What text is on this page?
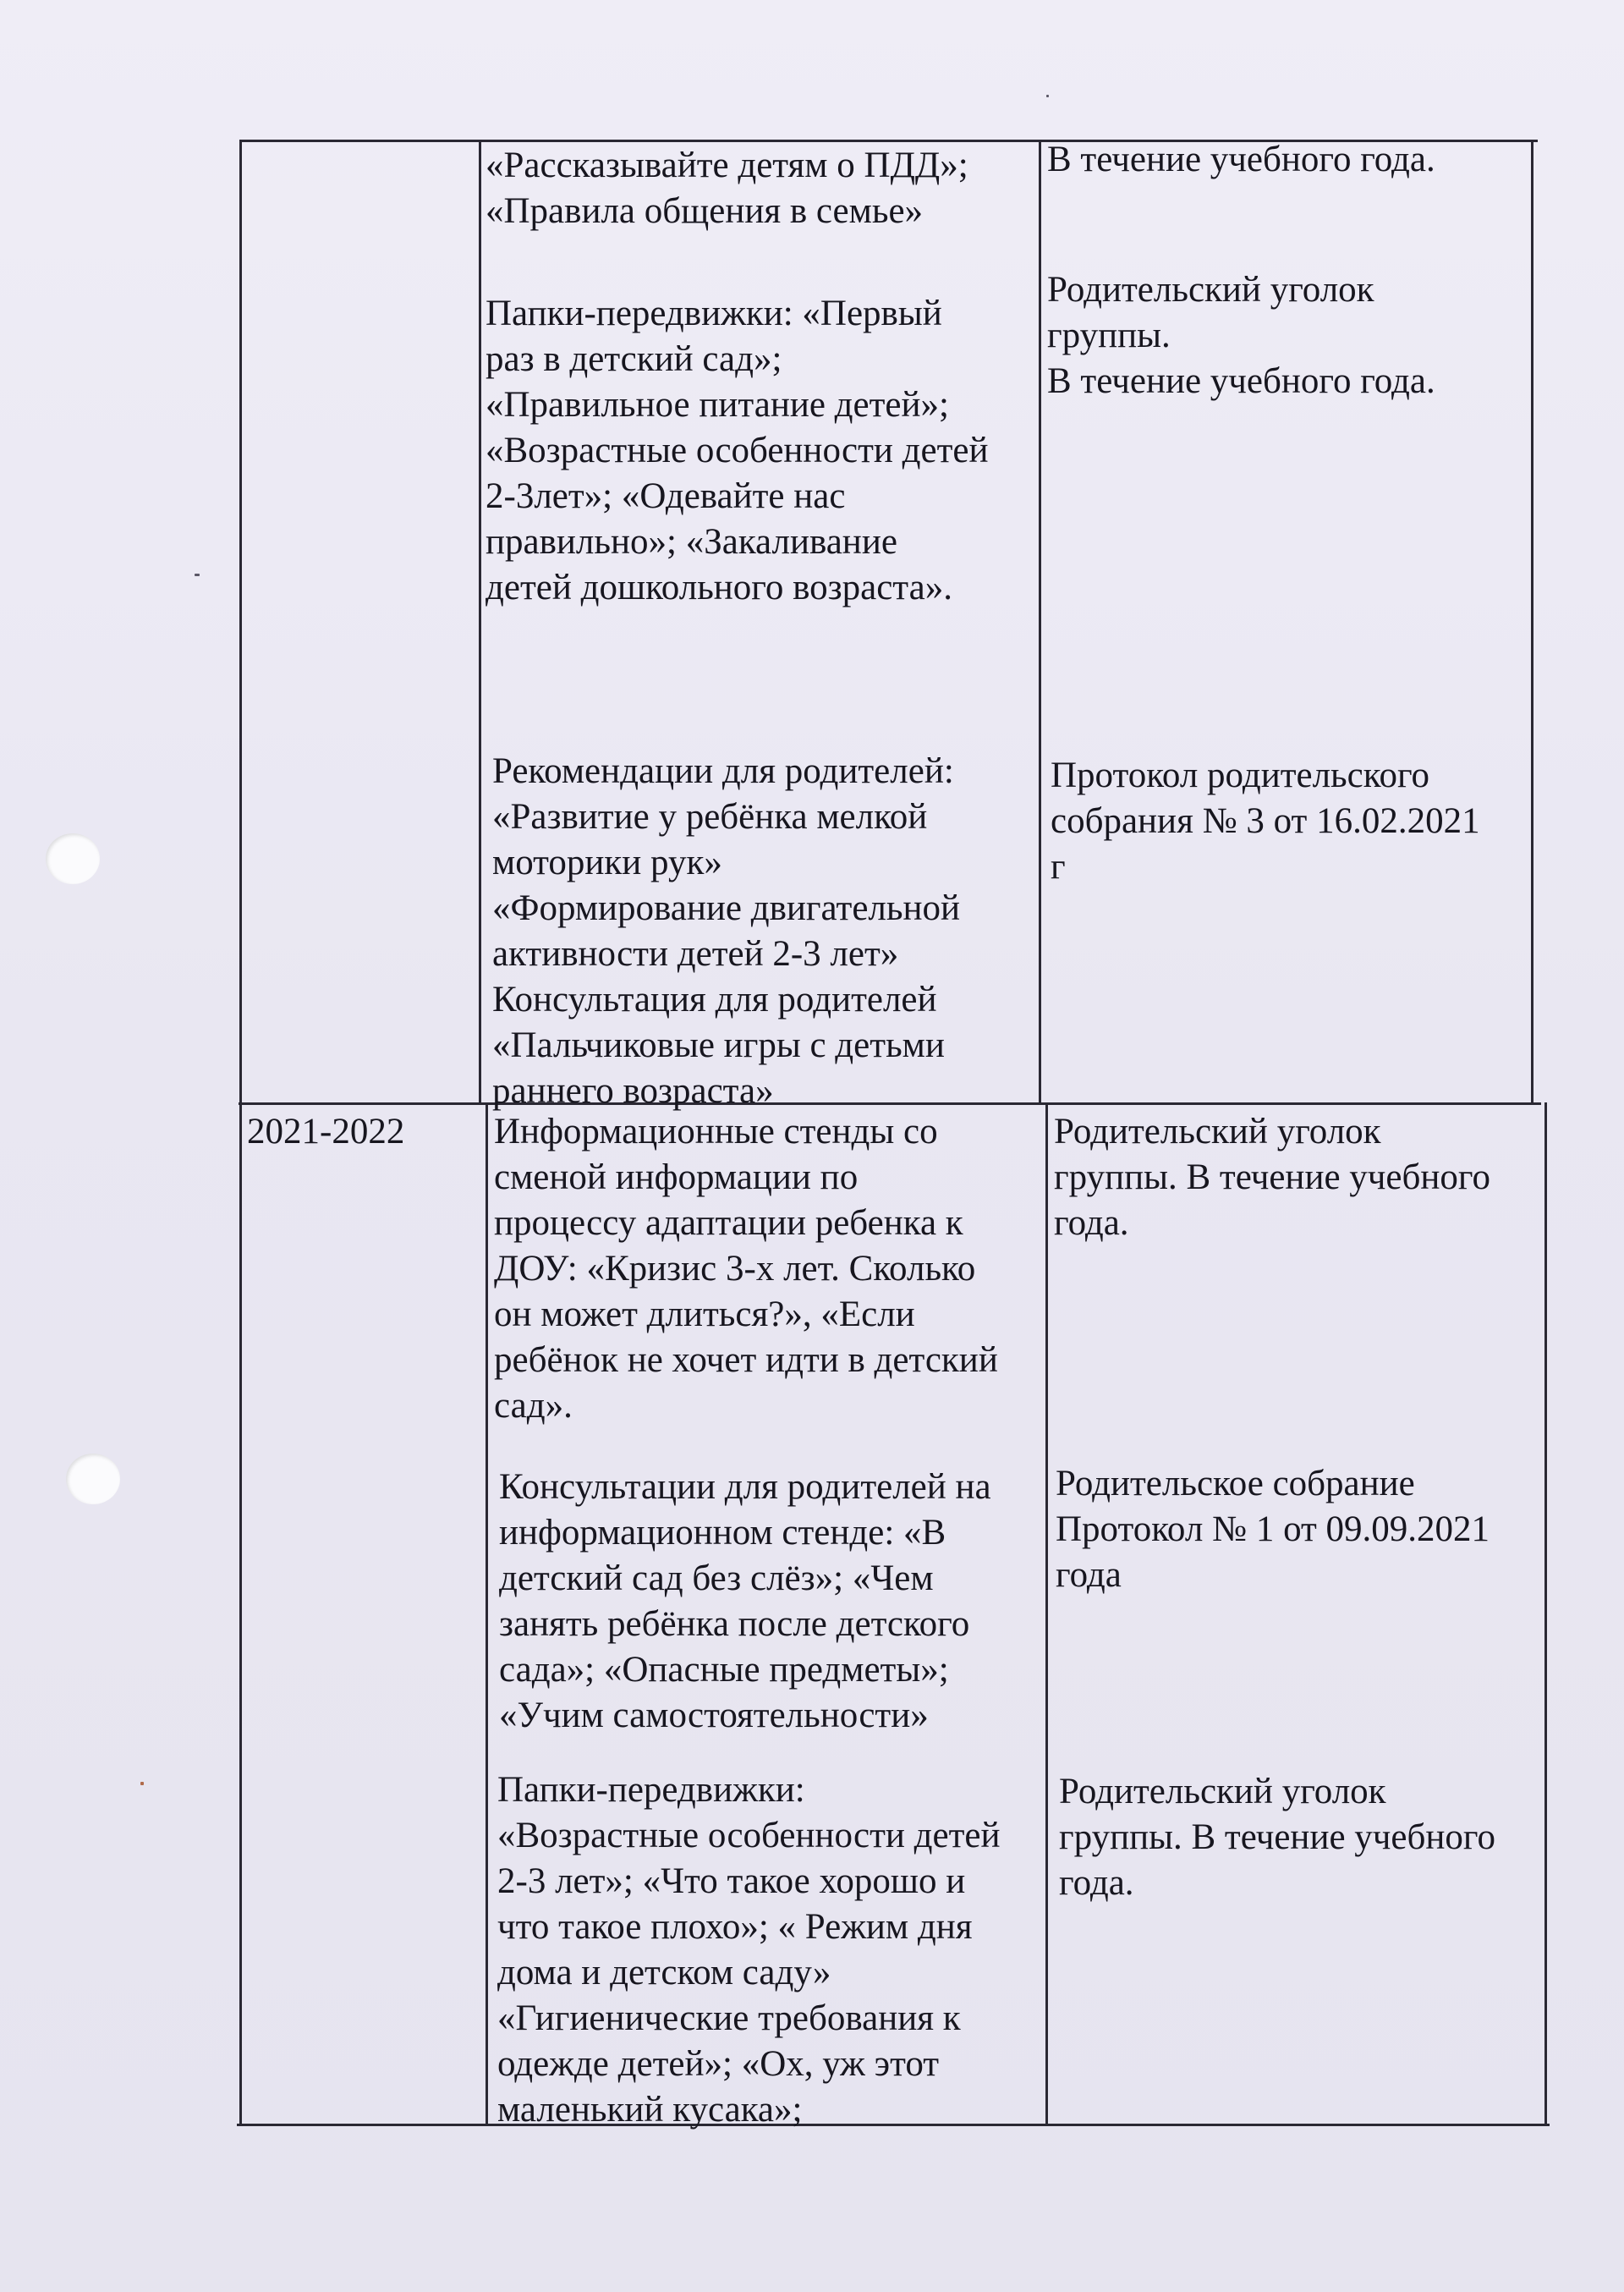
«Рассказывайте детям о ПДД»;
«Правила общения в семье»
Папки-передвижки: «Первый
раз в детский сад»;
«Правильное питание детей»;
«Возрастные особенности детей
2-3лет»; «Одевайте нас
правильно»; «Закаливание
детей дошкольного возраста».
Рекомендации для родителей:
«Развитие у ребёнка мелкой
моторики рук»
«Формирование двигательной
активности детей 2-3 лет»
Консультация для родителей
«Пальчиковые игры с детьми
раннего возраста»
В течение учебного года.
Родительский уголок
группы.
В течение учебного года.
Протокол родительского
собрания № 3 от 16.02.2021
г
2021-2022 Информационные стенды со
сменой информации по
процессу адаптации ребенка к
ДОУ: «Кризис 3-х лет. Сколько
он может длиться?», «Если
ребёнок не хочет идти в детский
сад».
Консультации для родителей на
информационном стенде: «В
детский сад без слёз»; «Чем
занять ребёнка после детского
сада»; «Опасные предметы»;
«Учим самостоятельности»
Папки-передвижки:
«Возрастные особенности детей
2-3 лет»; «Что такое хорошо и
что такое плохо»; « Режим дня
дома и детском саду»
«Гигиенические требования к
одежде детей»; «Ох, уж этот
маленький кусака»;
Родительский уголок
группы. В течение учебного
года.
Родительское собрание
Протокол № 1 от 09.09.2021
года
Родительский уголок
группы. В течение учебного
года.
